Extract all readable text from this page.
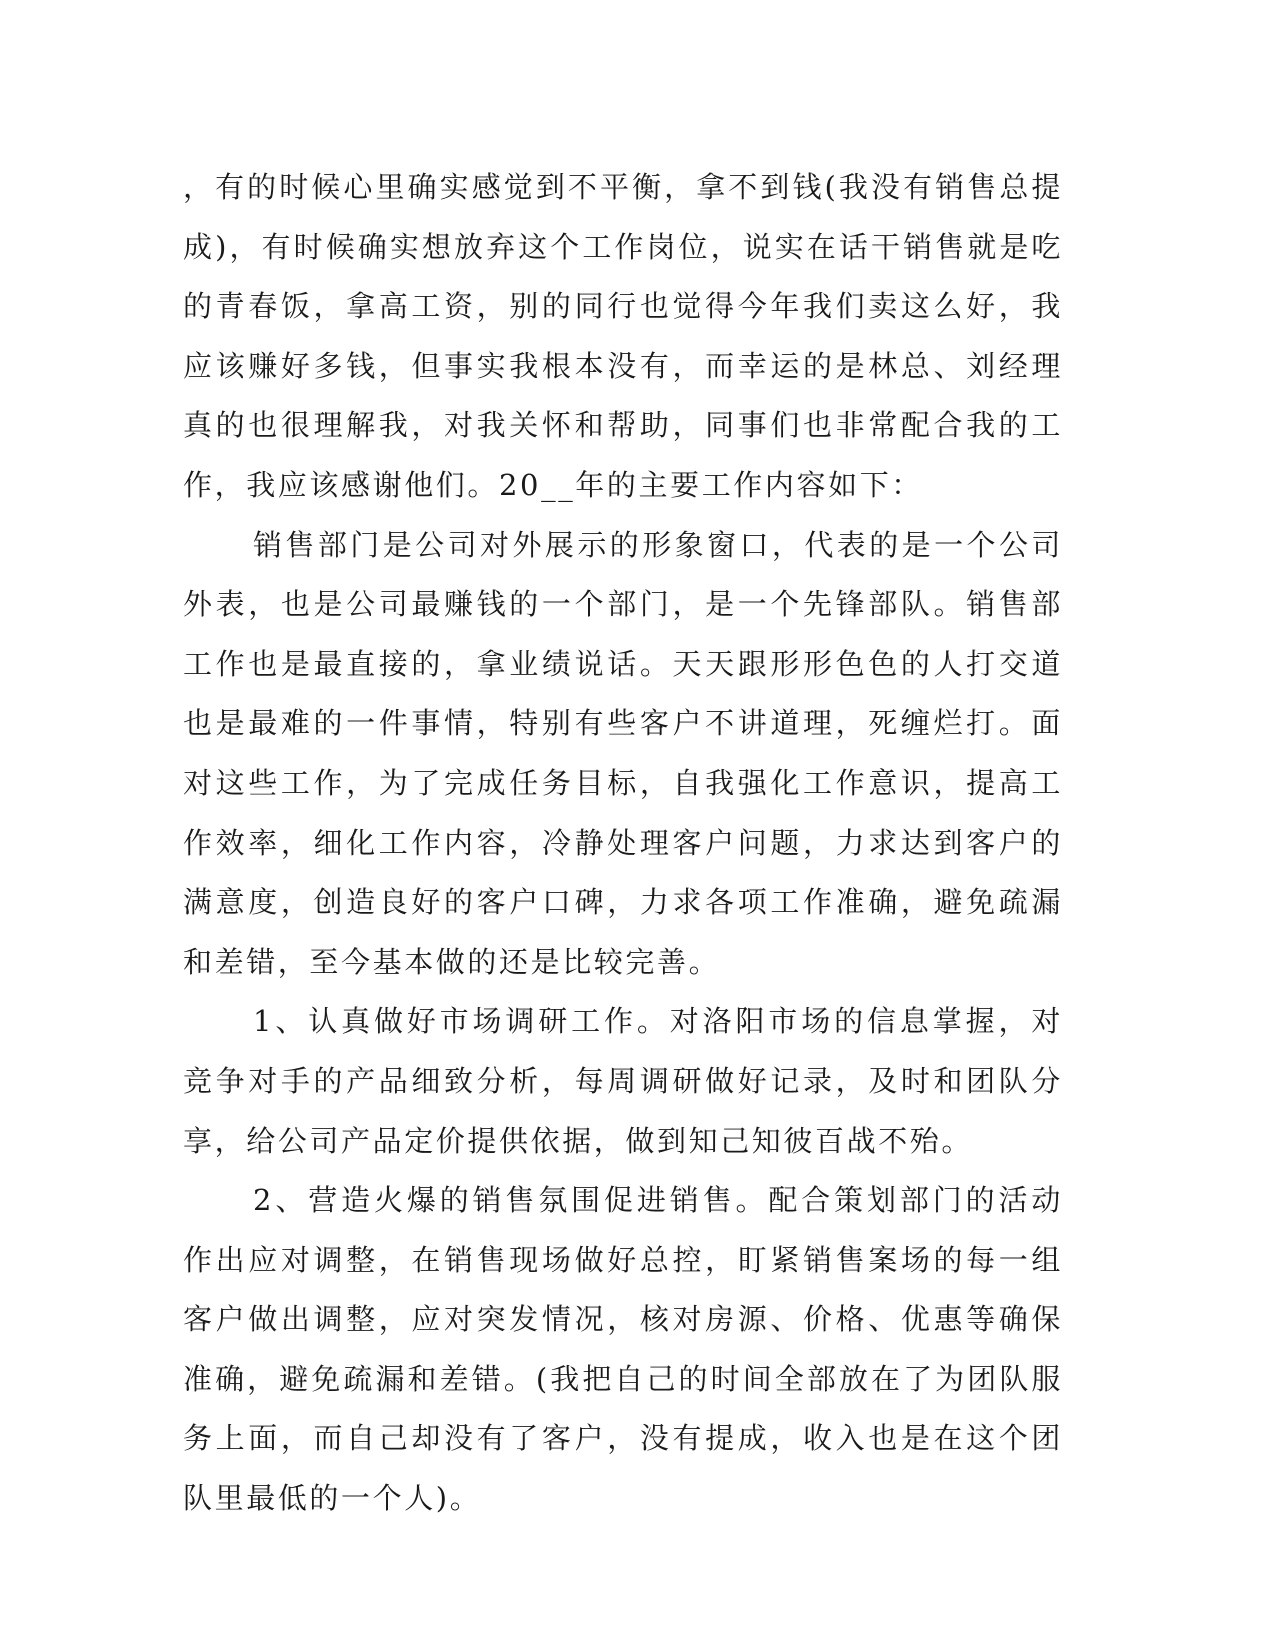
，有的时候心里确实感觉到不平衡，拿不到钱(我没有销售总提成)，有时候确实想放弃这个工作岗位，说实在话干销售就是吃的青春饭，拿高工资，别的同行也觉得今年我们卖这么好，我应该赚好多钱，但事实我根本没有，而幸运的是林总、刘经理真的也很理解我，对我关怀和帮助，同事们也非常配合我的工作，我应该感谢他们。20__年的主要工作内容如下：

销售部门是公司对外展示的形象窗口，代表的是一个公司外表，也是公司最赚钱的一个部门，是一个先锋部队。销售部工作也是最直接的，拿业绩说话。天天跟形形色色的人打交道也是最难的一件事情，特别有些客户不讲道理，死缠烂打。面对这些工作，为了完成任务目标，自我强化工作意识，提高工作效率，细化工作内容，冷静处理客户问题，力求达到客户的满意度，创造良好的客户口碑，力求各项工作准确，避免疏漏和差错，至今基本做的还是比较完善。

1、认真做好市场调研工作。对洛阳市场的信息掌握，对竞争对手的产品细致分析，每周调研做好记录，及时和团队分享，给公司产品定价提供依据，做到知己知彼百战不殆。

2、营造火爆的销售氛围促进销售。配合策划部门的活动作出应对调整，在销售现场做好总控，盯紧销售案场的每一组客户做出调整，应对突发情况，核对房源、价格、优惠等确保准确，避免疏漏和差错。(我把自己的时间全部放在了为团队服务上面，而自己却没有了客户，没有提成，收入也是在这个团队里最低的一个人)。
